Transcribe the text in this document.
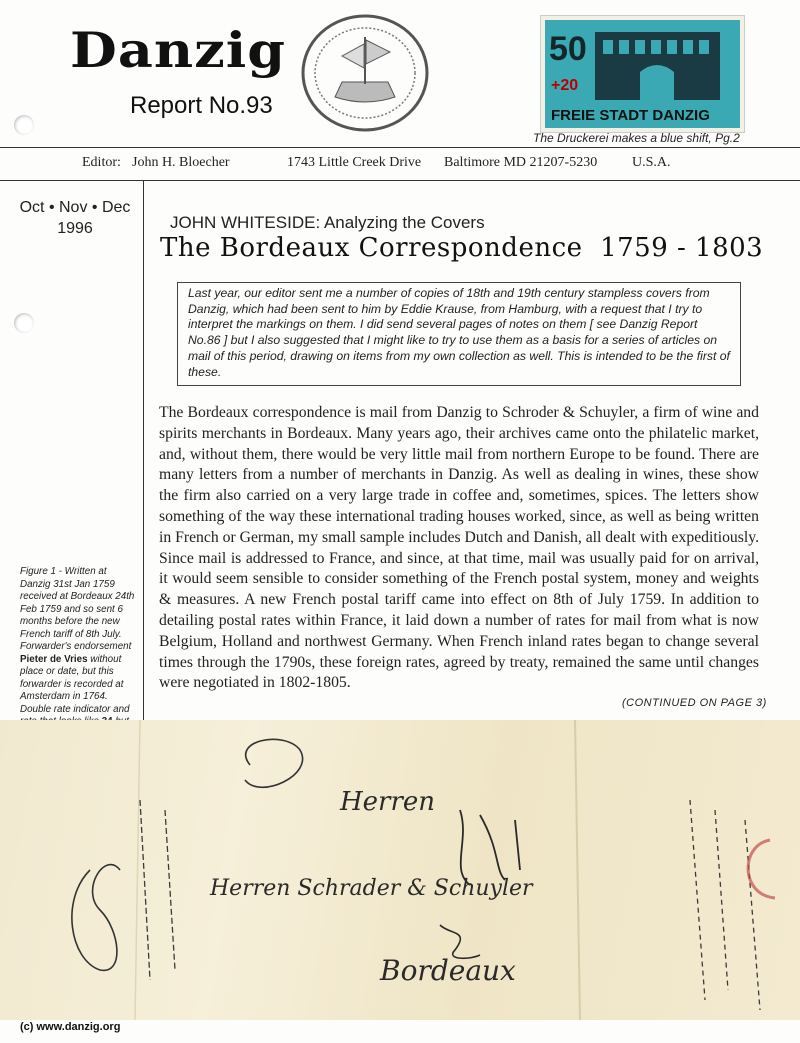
Danzig
Report No.93
50
+20
FREIE STADT DANZIG
The Druckerei makes a blue shift, Pg.2
Editor: John H. Bloecher	1743 Little Creek Drive Baltimore MD 21207-5230 U.S.A.
Oct • Nov • Dec
1996	JOHN WHITESIDE: Analyzing the Covers
The Bordeaux Correspondence 1759 - 1803
Last year, our editor sent me a number of copies of 18th and 19th century stampless covers from Danzig, which had been sent to him by Eddie Krause, from Hamburg, with a request that I try to interpret the markings on them. I did send several pages of notes on them [ see Danzig Report No.86 ] but I also suggested that I might like to try to use them as a basis for a series of articles on mail of this period, drawing on items from my own collection as well. This is intended to be the first of these.
The Bordeaux correspondence is mail from Danzig to Schroder & Schuyler, a firm of wine and spirits merchants in Bordeaux. Many years ago, their archives came onto the philatelic market, and, without them, there would be very little mail from northern Europe to be found. There are many letters from a number of merchants in Danzig. As well as dealing in wines, these show the firm also carried on a very large trade in coffee and, sometimes, spices. The letters show something of the way these international trading houses worked, since, as well as being written in French or German, my small sample includes Dutch and Danish, all dealt with expeditiously. Since mail is addressed to France, and since, at that time, mail was usually paid for on arrival, it would seem sensible to consider something of the French postal system, money and weights & measures. A new French postal tariff came into effect on 8th of July 1759. In addition to detailing postal rates within France, it laid down a number of rates for mail from what is now Belgium, Holland and northwest Germany. When French inland rates began to change several times through the 1790s, these foreign rates, agreed by treaty, remained the same until changes were negotiated in 1802-1805.
(CONTINUED ON PAGE 3)
Figure 1 - Written at Danzig 31st Jan 1759 received at Bordeaux 24th Feb 1759 and so sent 6 months before the new French tariff of 8th July. Forwarder's endorsement Pieter de Vries without place or date, but this forwarder is recorded at Amsterdam in 1764. Double rate indicator and
Herren
Herren Schrader & Schuyler
Bordeaux
(c) www.danzig.org
